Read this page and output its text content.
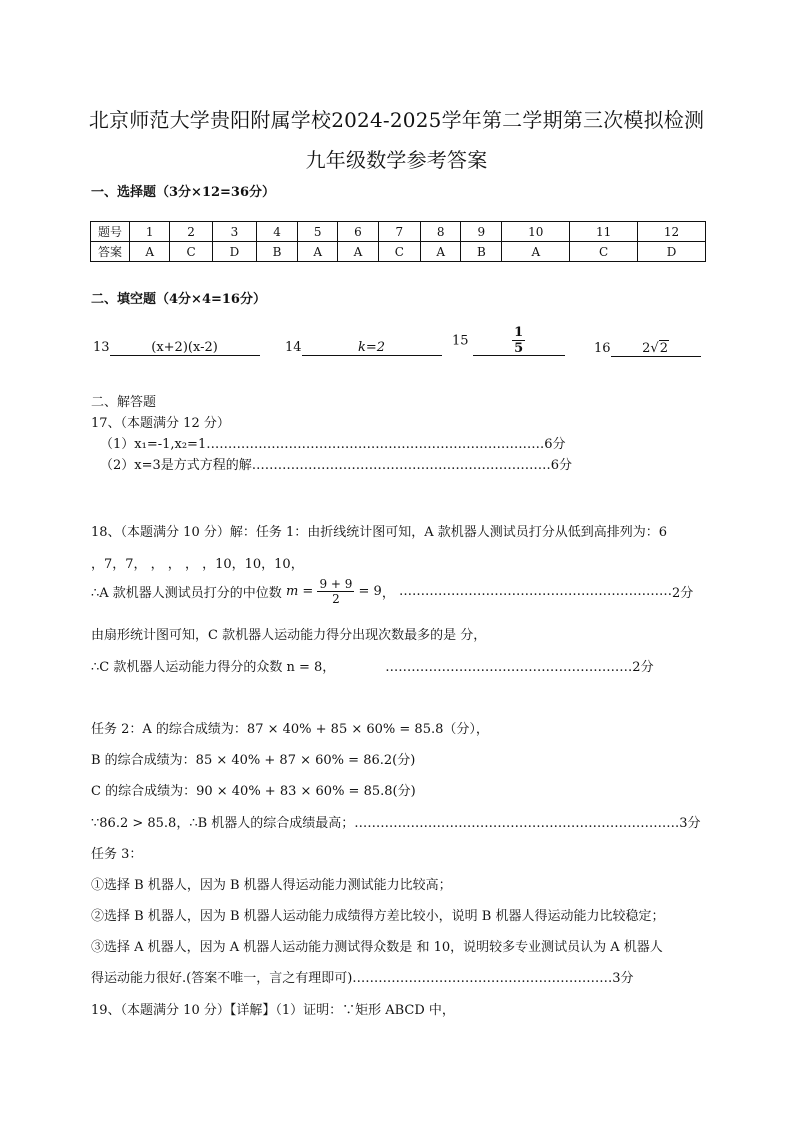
北京师范大学贵阳附属学校2024-2025学年第二学期第三次模拟检测
九年级数学参考答案
一、选择题（3分×12=36分）
题号	1	2	3	4	5	6	7	8	9	10	11	12
答案	A	C	D	B	A	A	C	A	B	A	C	D
二、填空题（4分×4=16分）
13	(x+2)(x-2)	14	k=2	15	$\frac{1}{5}$	16 2√2
二、解答题
17、（本题满分 12 分）
（1）x₁=-1,x₂=1……………………………………………………………………6分
（2）x=3是方式方程的解……………………………………………………………6分
18、（本题满分 10 分）解：任务 1：由折线统计图可知，A 款机器人测试员打分从低到高排列为：6
，7，7， ， ， ， ，10，10，10，
∴A 款机器人测试员打分的中位数 $m = \frac{9 + 9}{2} = 9$， ………………………………………………………2分
由扇形统计图可知，C 款机器人运动能力得分出现次数最多的是 分，
∴C 款机器人运动能力得分的众数 n = 8，	…………………………………………………2分
任务 2：A 的综合成绩为：87 × 40% + 85 × 60% = 85.8（分），
B 的综合成绩为：85 × 40% + 87 × 60% = 86.2(分)
C 的综合成绩为：90 × 40% + 83 × 60% = 85.8(分)
∵86.2 > 85.8，∴B 机器人的综合成绩最高；…………………………………………………………………3分
任务 3：
①选择 B 机器人，因为 B 机器人得运动能力测试能力比较高；
②选择 B 机器人，因为 B 机器人运动能力成绩得方差比较小，说明 B 机器人得运动能力比较稳定；
③选择 A 机器人，因为 A 机器人运动能力测试得众数是 和 10，说明较多专业测试员认为 A 机器人
得运动能力很好.(答案不唯一，言之有理即可)……………………………………………………3分
19、（本题满分 10 分）【详解】（1）证明：∵矩形 ABCD 中，
